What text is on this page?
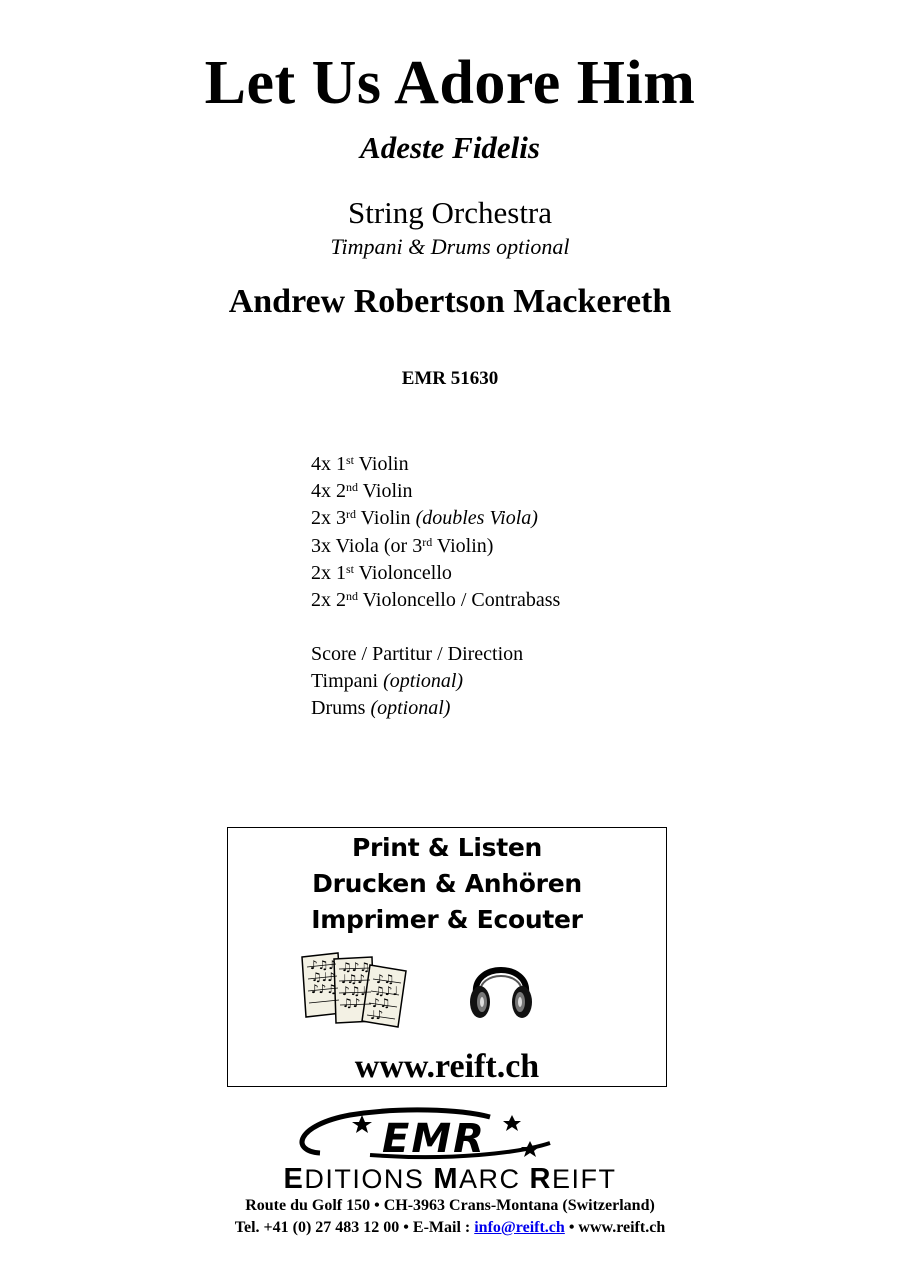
Let Us Adore Him
Adeste Fidelis
String Orchestra
Timpani & Drums optional
Andrew Robertson Mackereth
EMR 51630
4x 1st Violin
4x 2nd Violin
2x 3rd Violin (doubles Viola)
3x Viola (or 3rd Violin)
2x 1st Violoncello
2x 2nd Violoncello / Contrabass
Score / Partitur / Direction
Timpani (optional)
Drums (optional)
Print & Listen
Drucken & Anhören
Imprimer & Ecouter
♪♫♪
♫♩♪
♪♪♫
♫♪♫
♩♫♪
♪♫♩
♫♪
♪♫
♫♪♩
♪♫
♩♪
www.reift.ch
EMR
EDITIONS MARC REIFT
Route du Golf 150 • CH-3963 Crans-Montana (Switzerland)
Tel. +41 (0) 27 483 12 00 • E-Mail : info@reift.ch • www.reift.ch
